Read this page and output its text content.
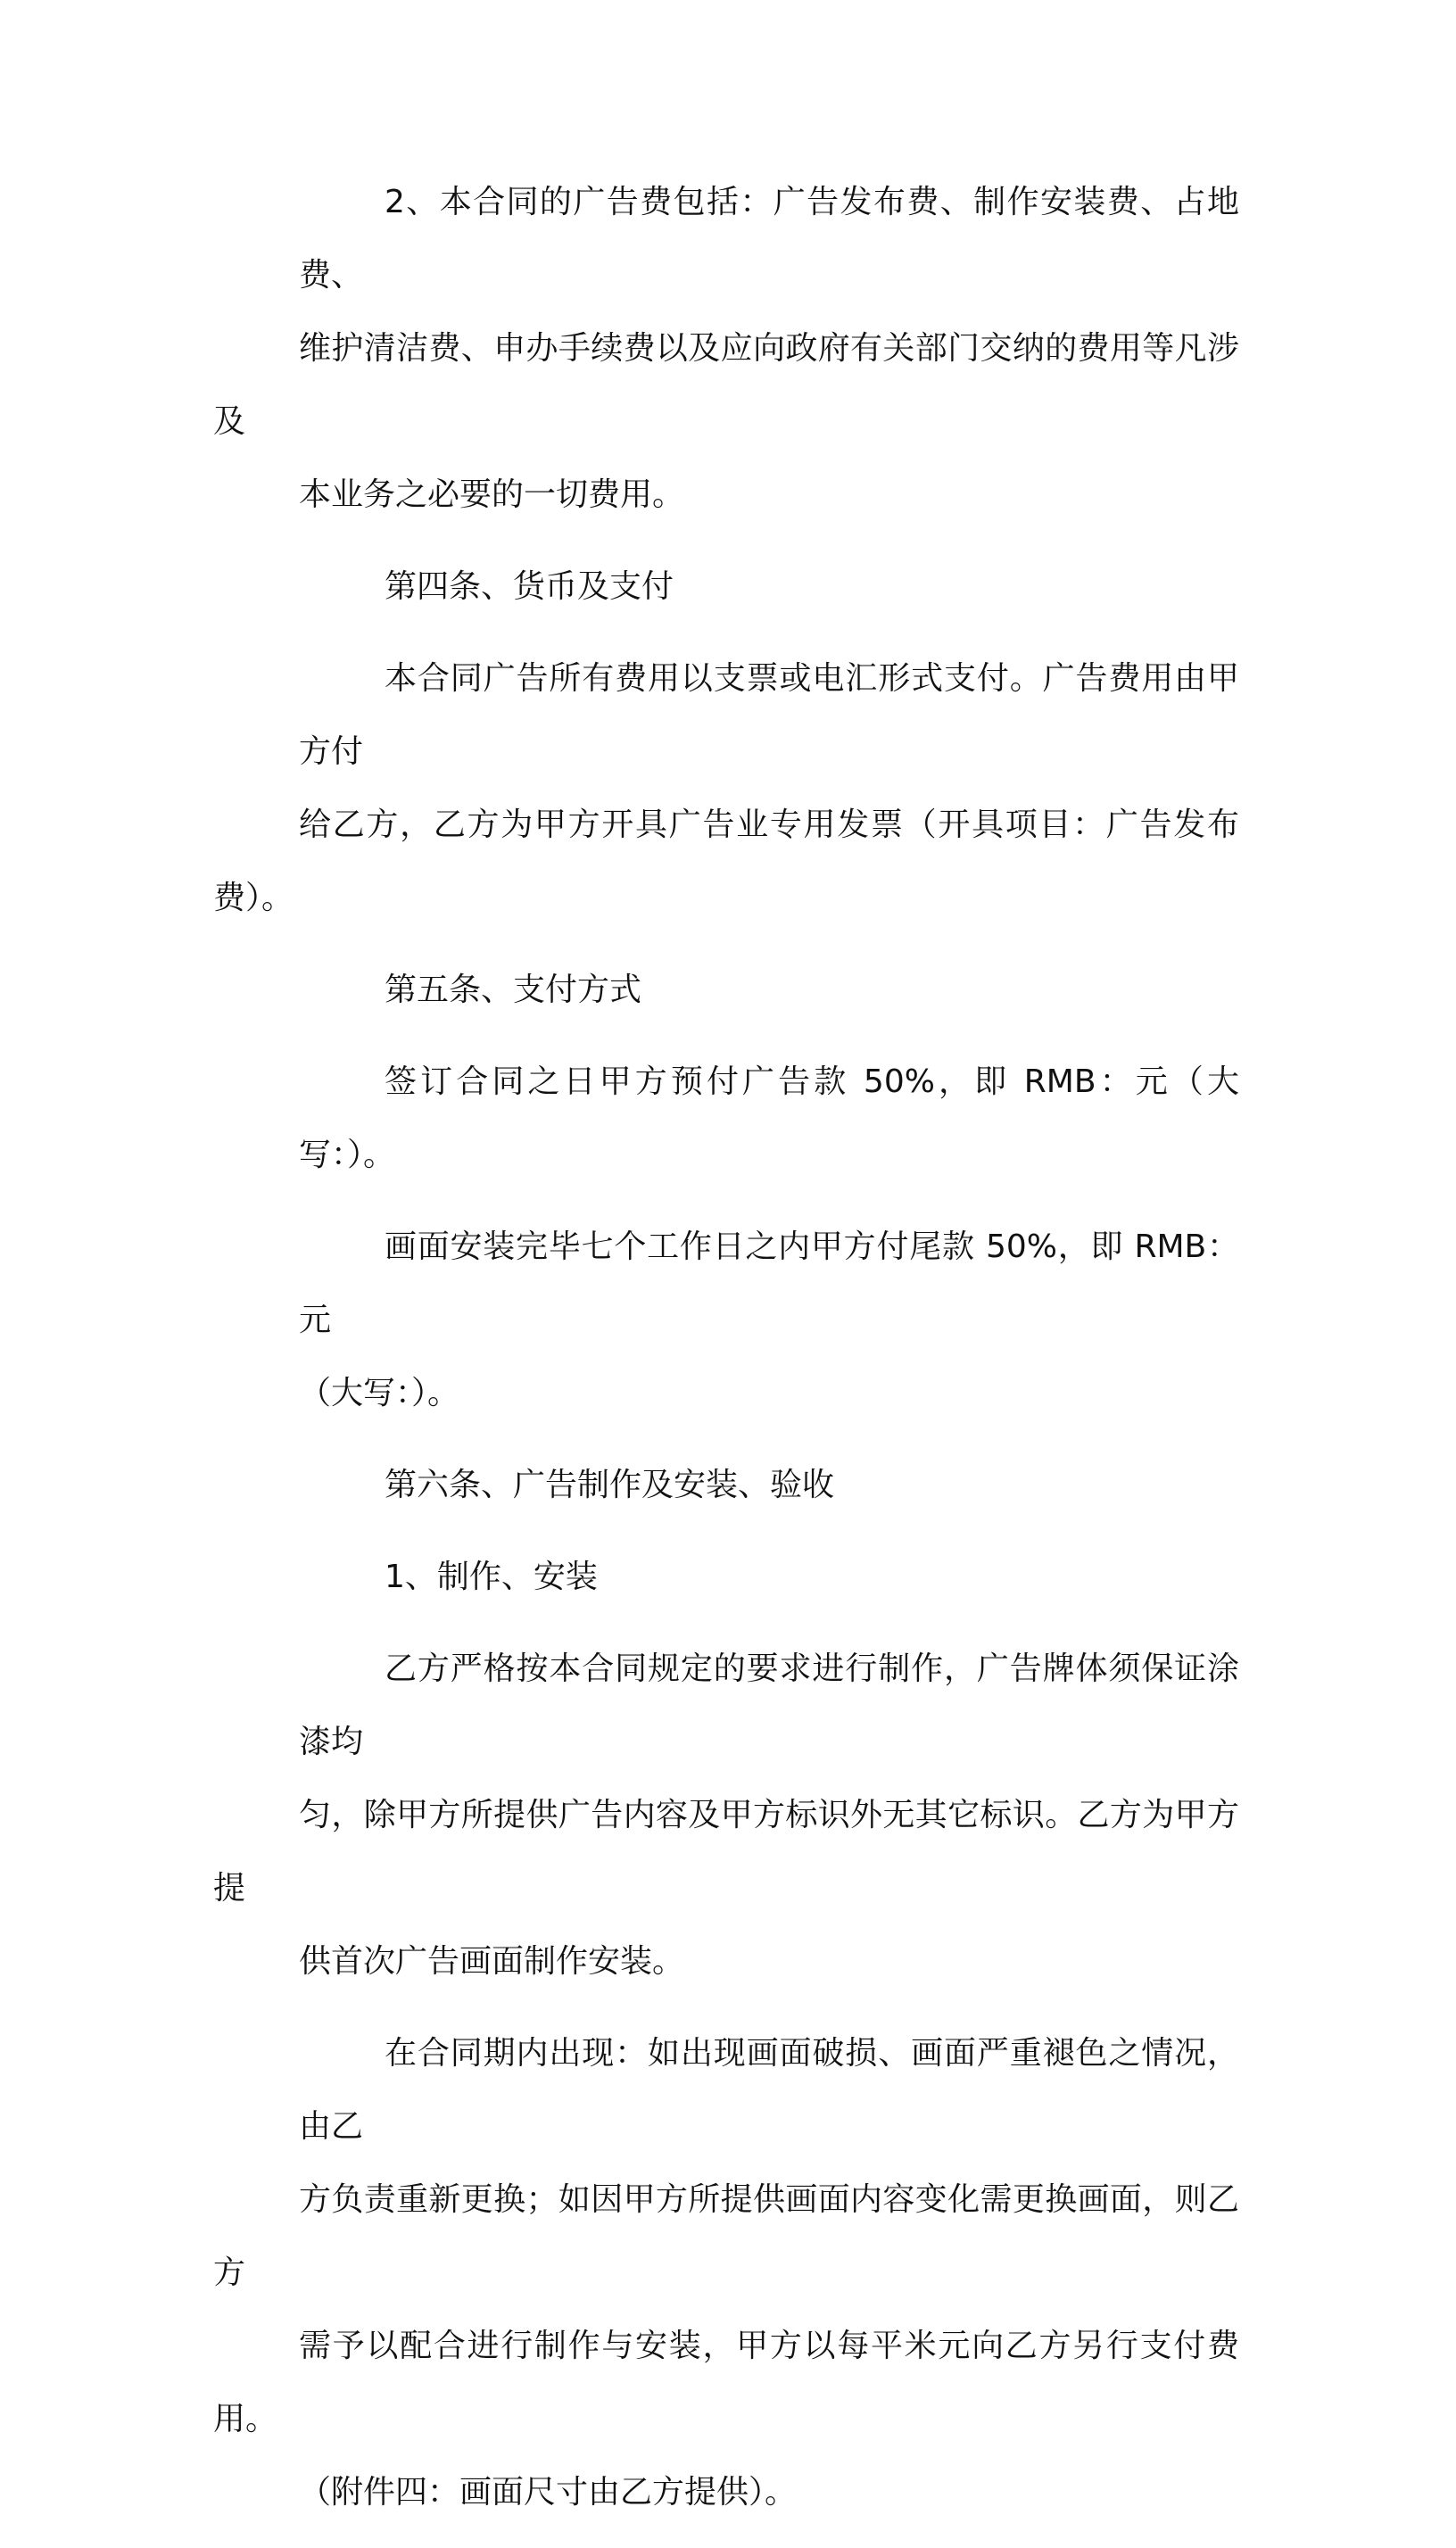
2、本合同的广告费包括：广告发布费、制作安装费、占地费、
维护清洁费、申办手续费以及应向政府有关部门交纳的费用等凡涉及
本业务之必要的一切费用。
第四条、货币及支付
本合同广告所有费用以支票或电汇形式支付。广告费用由甲方付
给乙方，乙方为甲方开具广告业专用发票（开具项目：广告发布费）。
第五条、支付方式
签订合同之日甲方预付广告款 50%，即 RMB：元（大写：）。
画面安装完毕七个工作日之内甲方付尾款 50%，即 RMB：元
（大写：）。
第六条、广告制作及安装、验收
1、制作、安装
乙方严格按本合同规定的要求进行制作，广告牌体须保证涂漆均
匀，除甲方所提供广告内容及甲方标识外无其它标识。乙方为甲方提
供首次广告画面制作安装。
在合同期内出现：如出现画面破损、画面严重褪色之情况，由乙
方负责重新更换；如因甲方所提供画面内容变化需更换画面，则乙方
需予以配合进行制作与安装，甲方以每平米元向乙方另行支付费用。
（附件四：画面尺寸由乙方提供）。
